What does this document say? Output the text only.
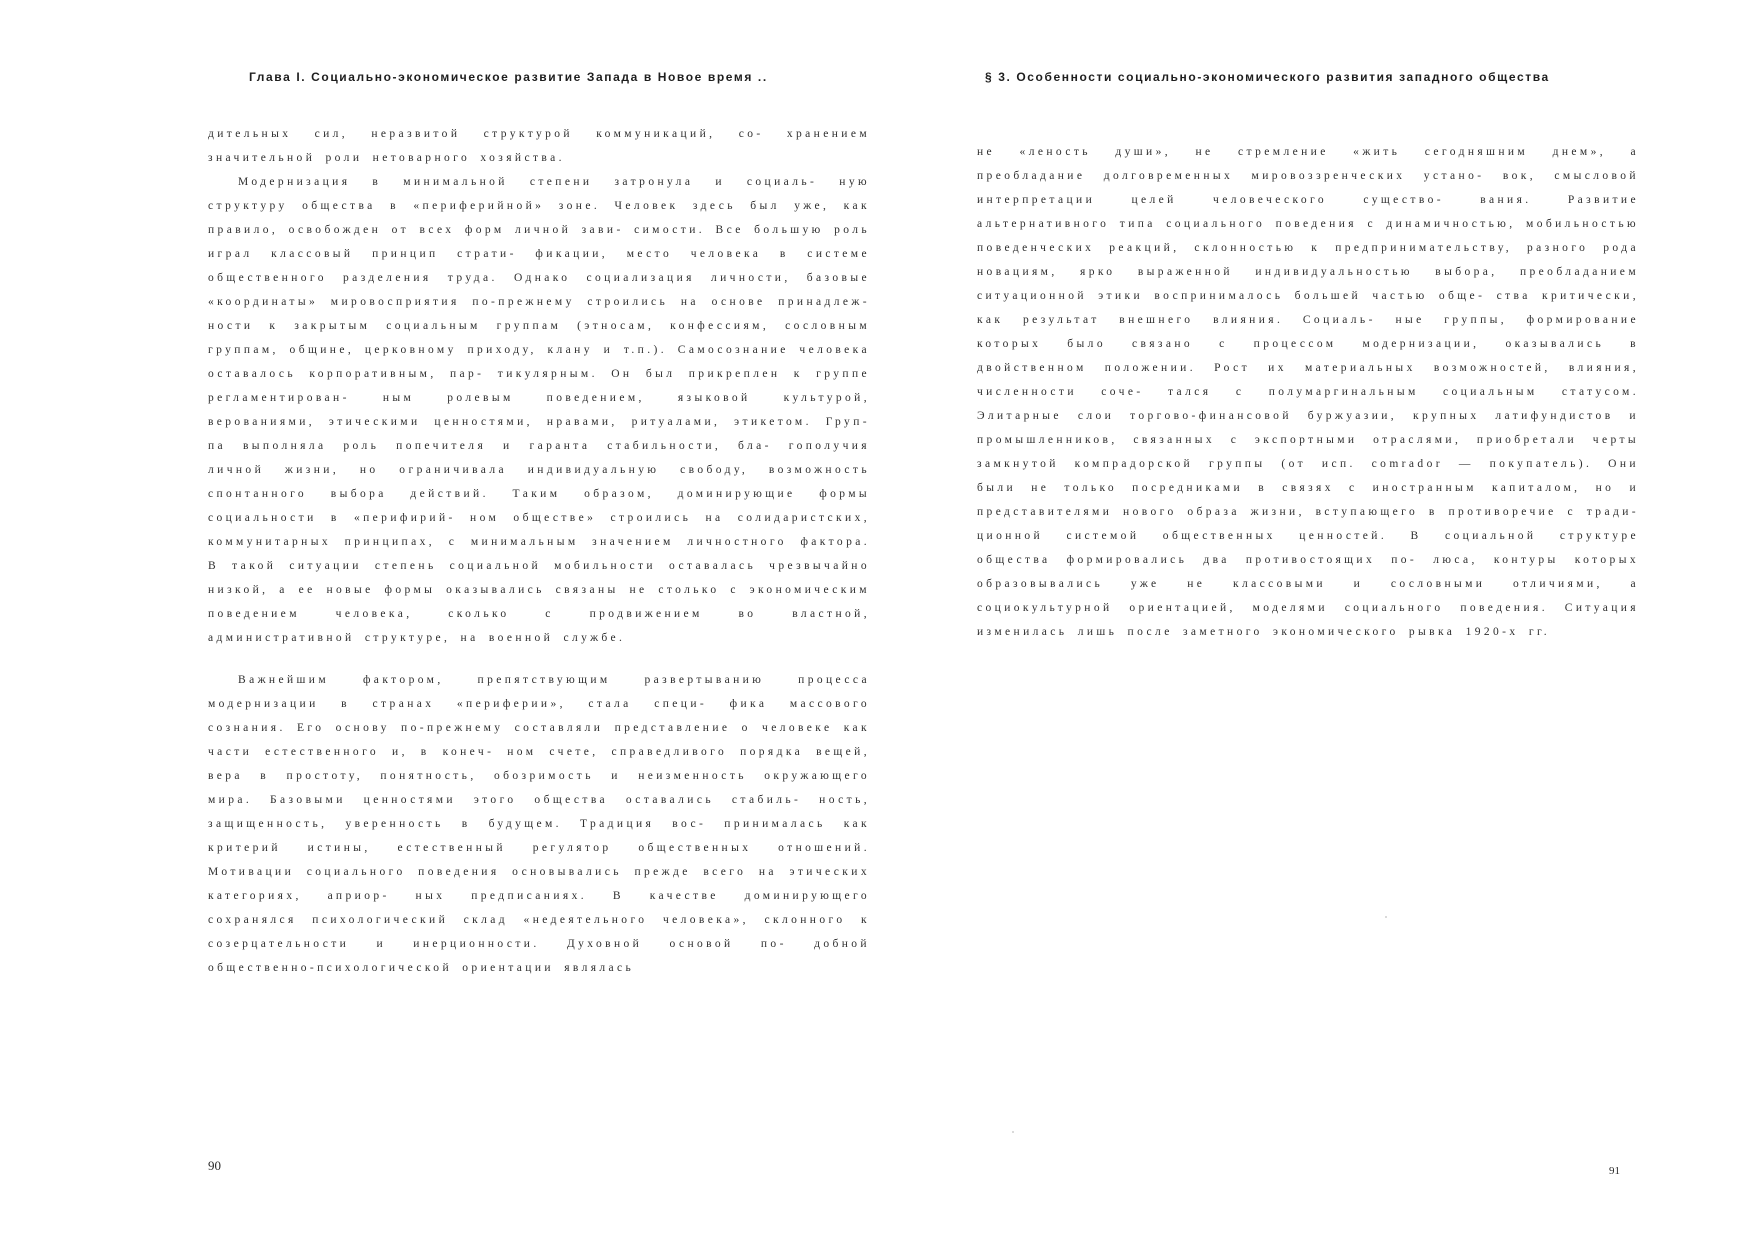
Глава I. Социально-экономическое развитие Запада в Новое время ..

дительных сил, неразвитой структурой коммуникаций, со- хранением значительной роли нетоварного хозяйства.

Модернизация в минимальной степени затронула и социаль- ную структуру общества в «периферийной» зоне. Человек здесь был уже, как правило, освобожден от всех форм личной зави- симости. Все большую роль играл классовый принцип страти- фикации, место человека в системе общественного разделения труда. Однако социализация личности, базовые «координаты» мировосприятия по-прежнему строились на основе принадлеж- ности к закрытым социальным группам (этносам, конфессиям, сословным группам, общине, церковному приходу, клану и т.п.). Самосознание человека оставалось корпоративным, пар- тикулярным. Он был прикреплен к группе регламентирован- ным ролевым поведением, языковой культурой, верованиями, этическими ценностями, нравами, ритуалами, этикетом. Груп- па выполняла роль попечителя и гаранта стабильности, бла- гополучия личной жизни, но ограничивала индивидуальную свободу, возможность спонтанного выбора действий. Таким образом, доминирующие формы социальности в «перифирий- ном обществе» строились на солидаристских, коммунитарных принципах, с минимальным значением личностного фактора. В такой ситуации степень социальной мобильности оставалась чрезвычайно низкой, а ее новые формы оказывались связаны не столько с экономическим поведением человека, сколько с продвижением во властной, административной структуре, на военной службе.

Важнейшим фактором, препятствующим развертыванию процесса модернизации в странах «периферии», стала специ- фика массового сознания. Его основу по-прежнему составляли представление о человеке как части естественного и, в конеч- ном счете, справедливого порядка вещей, вера в простоту, понятность, обозримость и неизменность окружающего мира. Базовыми ценностями этого общества оставались стабиль- ность, защищенность, уверенность в будущем. Традиция вос- принималась как критерий истины, естественный регулятор общественных отношений. Мотивации социального поведения основывались прежде всего на этических категориях, априор- ных предписаниях. В качестве доминирующего сохранялся психологический склад «недеятельного человека», склонного к созерцательности и инерционности. Духовной основой по- добной общественно-психологической ориентации являлась

90
§ 3. Особенности социально-экономического развития западного общества

не «леность души», не стремление «жить сегодняшним днем», а преобладание долговременных мировоззренческих устано- вок, смысловой интерпретации целей человеческого существо- вания. Развитие альтернативного типа социального поведения с динамичностью, мобильностью поведенческих реакций, склонностью к предпринимательству, разного рода новациям, ярко выраженной индивидуальностью выбора, преобладанием ситуационной этики воспринималось большей частью обще- ства критически, как результат внешнего влияния. Социаль- ные группы, формирование которых было связано с процессом модернизации, оказывались в двойственном положении. Рост их материальных возможностей, влияния, численности соче- тался с полумаргинальным социальным статусом. Элитарные слои торгово-финансовой буржуазии, крупных латифундистов и промышленников, связанных с экспортными отраслями, приобретали черты замкнутой компрадорской группы (от исп. comrador — покупатель). Они были не только посредниками в связях с иностранным капиталом, но и представителями нового образа жизни, вступающего в противоречие с тради- ционной системой общественных ценностей. В социальной структуре общества формировались два противостоящих по- люса, контуры которых образовывались уже не классовыми и сословными отличиями, а социокультурной ориентацией, моделями социального поведения. Ситуация изменилась лишь после заметного экономического рывка 1920-х гг.

91
